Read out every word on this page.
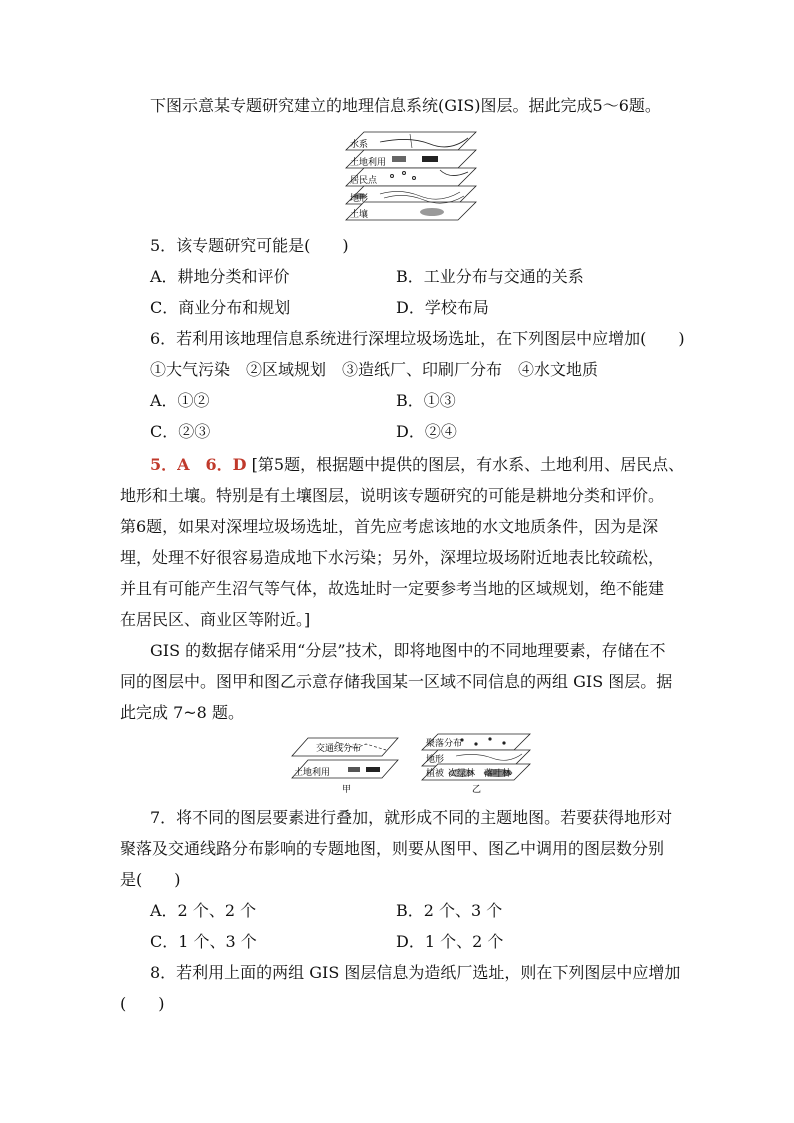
下图示意某专题研究建立的地理信息系统(GIS)图层。据此完成5～6题。
水系
土地利用
居民点
地形
土壤
5．该专题研究可能是(　　)
A．耕地分类和评价	B．工业分布与交通的关系
C．商业分布和规划	D．学校布局
6．若利用该地理信息系统进行深埋垃圾场选址，在下列图层中应增加(　　)
①大气污染　②区域规划　③造纸厂、印刷厂分布　④水文地质
A．①②	B．①③
C．②③	D．②④
5．A　6．D [第5题，根据题中提供的图层，有水系、土地利用、居民点、
地形和土壤。特别是有土壤图层，说明该专题研究的可能是耕地分类和评价。
第6题，如果对深埋垃圾场选址，首先应考虑该地的水文地质条件，因为是深
埋，处理不好很容易造成地下水污染；另外，深埋垃圾场附近地表比较疏松，
并且有可能产生沼气等气体，故选址时一定要参考当地的区域规划，绝不能建
在居民区、商业区等附近。]
GIS 的数据存储采用“分层”技术，即将地图中的不同地理要素，存储在不
同的图层中。图甲和图乙示意存储我国某一区域不同信息的两组 GIS 图层。据
此完成 7~8 题。
交通线分布
土地利用
聚落分布
地形
植被 次绿林 落叶林
甲	乙
7．将不同的图层要素进行叠加，就形成不同的主题地图。若要获得地形对
聚落及交通线路分布影响的专题地图，则要从图甲、图乙中调用的图层数分别
是(　　)
A．2 个、2 个	B．2 个、3 个
C．1 个、3 个	D．1 个、2 个
8．若利用上面的两组 GIS 图层信息为造纸厂选址，则在下列图层中应增加
(　　)
